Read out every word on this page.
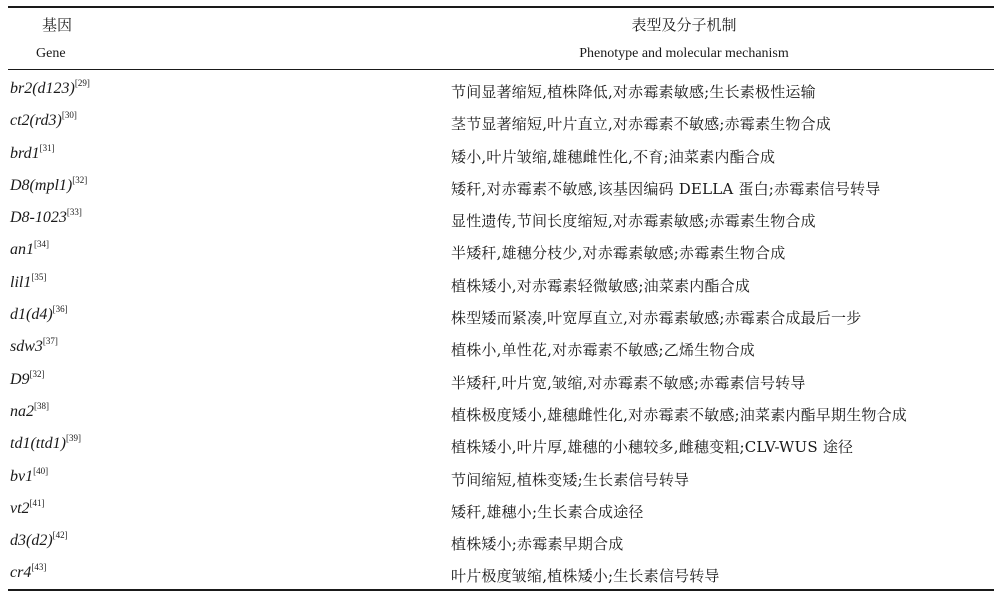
基因	表型及分子机制
Gene	Phenotype and molecular mechanism
br2(d123)[29]	节间显著缩短,植株降低,对赤霉素敏感;生长素极性运输
ct2(rd3)[30]	茎节显著缩短,叶片直立,对赤霉素不敏感;赤霉素生物合成
brd1[31]	矮小,叶片皱缩,雄穗雌性化,不育;油菜素内酯合成
D8(mpl1)[32]	矮秆,对赤霉素不敏感,该基因编码 DELLA 蛋白;赤霉素信号转导
D8-1023[33]	显性遗传,节间长度缩短,对赤霉素敏感;赤霉素生物合成
an1[34]	半矮秆,雄穗分枝少,对赤霉素敏感;赤霉素生物合成
lil1[35]	植株矮小,对赤霉素轻微敏感;油菜素内酯合成
d1(d4)[36]	株型矮而紧凑,叶宽厚直立,对赤霉素敏感;赤霉素合成最后一步
sdw3[37]	植株小,单性花,对赤霉素不敏感;乙烯生物合成
D9[32]	半矮秆,叶片宽,皱缩,对赤霉素不敏感;赤霉素信号转导
na2[38]	植株极度矮小,雄穗雌性化,对赤霉素不敏感;油菜素内酯早期生物合成
td1(ttd1)[39]	植株矮小,叶片厚,雄穗的小穗较多,雌穗变粗;CLV-WUS 途径
bv1[40]	节间缩短,植株变矮;生长素信号转导
vt2[41]	矮秆,雄穗小;生长素合成途径
d3(d2)[42]	植株矮小;赤霉素早期合成
cr4[43]	叶片极度皱缩,植株矮小;生长素信号转导
